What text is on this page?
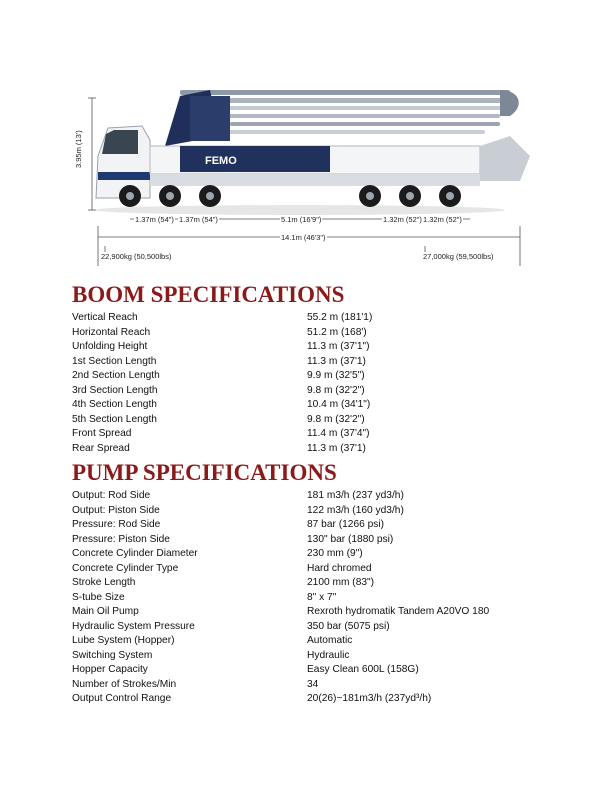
FEMO
3.95m (13')
1.37m (54") 1.37m (54")	5.1m (16'9")	1.32m (52") 1.32m (52")
14.1m (46'3")
22,900kg (50,500lbs)	27,000kg (59,500lbs)
BOOM SPECIFICATIONS
Vertical Reach	55.2 m (181'1)
Horizontal Reach	51.2 m (168')
Unfolding Height	11.3 m (37'1")
1st Section Length	11.3 m (37'1)
2nd Section Length	9.9 m (32'5")
3rd Section Length	9.8 m (32'2")
4th Section Length	10.4 m (34'1")
5th Section Length	9.8 m (32'2")
Front Spread	11.4 m (37'4")
Rear Spread	11.3 m (37'1)
PUMP SPECIFICATIONS
Output: Rod Side	181 m3/h (237 yd3/h)
Output: Piston Side	122 m3/h (160 yd3/h)
Pressure: Rod Side	87 bar (1266 psi)
Pressure: Piston Side	130" bar (1880 psi)
Concrete Cylinder Diameter	230 mm (9")
Concrete Cylinder Type	Hard chromed
Stroke Length	2100 mm (83")
S-tube Size	8" x 7"
Main Oil Pump	Rexroth hydromatik Tandem A20VO 180
Hydraulic System Pressure	350 bar (5075 psi)
Lube System (Hopper)	Automatic
Switching System	Hydraulic
Hopper Capacity	Easy Clean 600L (158G)
Number of Strokes/Min	34
Output Control Range	20(26)~181m3/h (237yd³/h)
